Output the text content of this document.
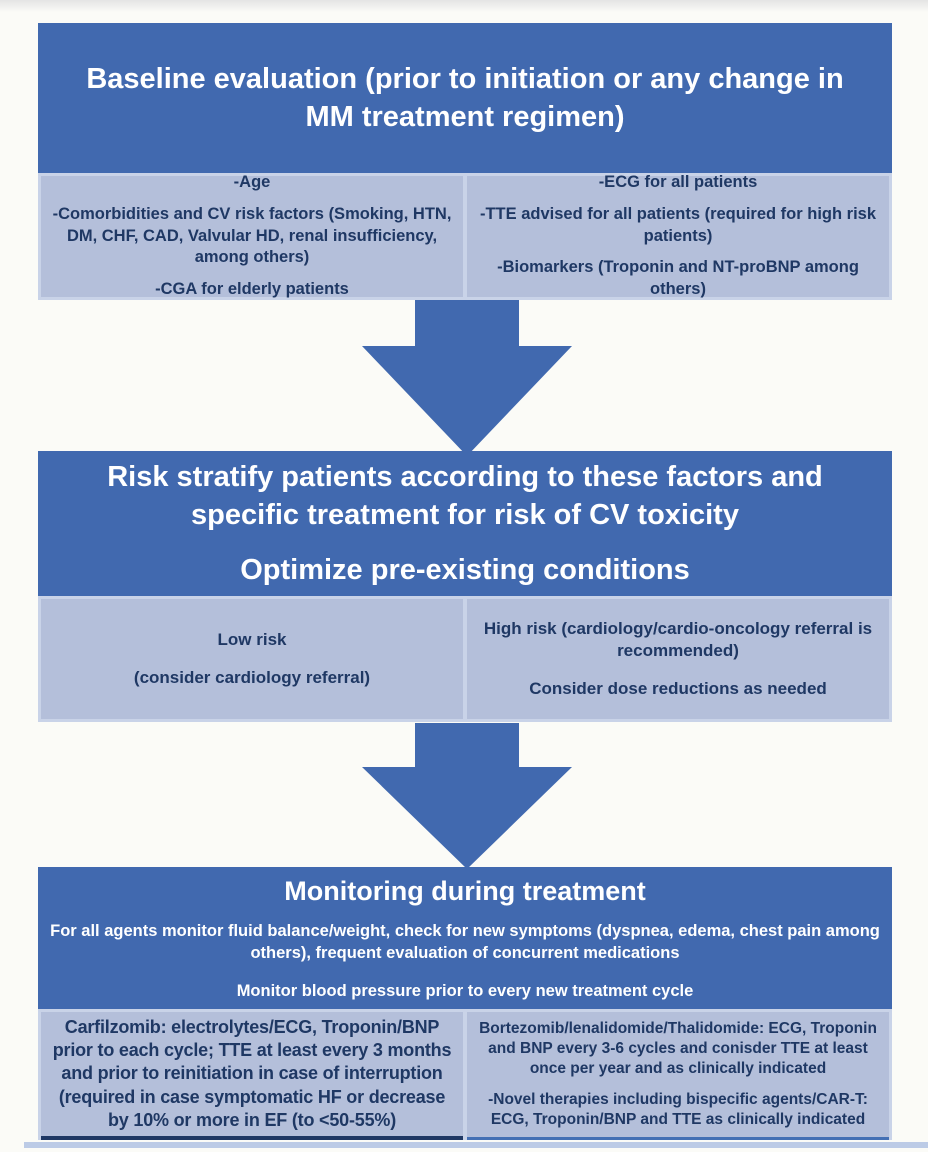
Baseline evaluation (prior to initiation or any change in MM treatment regimen)

-Age

-Comorbidities and CV risk factors (Smoking, HTN, DM, CHF, CAD, Valvular HD, renal insufficiency, among others)

-CGA for elderly patients

-ECG for all patients

-TTE advised for all patients (required for high risk patients)

-Biomarkers (Troponin and NT-proBNP among others)

Risk stratify patients according to these factors and specific treatment for risk of CV toxicity
Optimize pre-existing conditions

Low risk

(consider cardiology referral)

High risk (cardiology/cardio-oncology referral is recommended)

Consider dose reductions as needed

Monitoring during treatment
For all agents monitor fluid balance/weight, check for new symptoms (dyspnea, edema, chest pain among others), frequent evaluation of concurrent medications
Monitor blood pressure prior to every new treatment cycle

Carfilzomib: electrolytes/ECG, Troponin/BNP prior to each cycle; TTE at least every 3 months and prior to reinitiation in case of interruption (required in case symptomatic HF or decrease by 10% or more in EF (to <50-55%)

Bortezomib/lenalidomide/Thalidomide: ECG, Troponin and BNP every 3-6 cycles and conisder TTE at least once per year and as clinically indicated

-Novel therapies including bispecific agents/CAR-T: ECG, Troponin/BNP and TTE as clinically indicated
